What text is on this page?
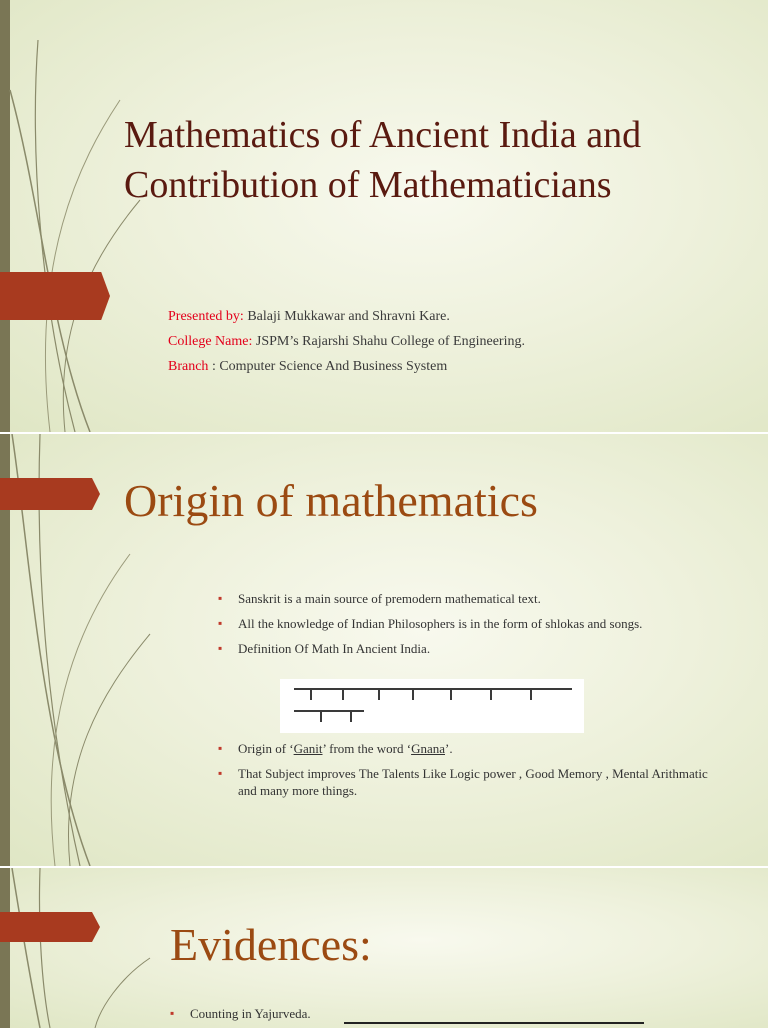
Mathematics of Ancient India and
Contribution of Mathematicians
Presented by: Balaji Mukkawar and Shravni Kare.
College Name: JSPM’s Rajarshi Shahu College of Engineering.
Branch : Computer Science And Business System
Origin of mathematics
▪ Sanskrit is a main source of premodern mathematical text.
▪ All the knowledge of Indian Philosophers is in the form of shlokas and songs.
▪ Definition Of Math In Ancient India.
▪ Origin of ‘Ganit’ from the word ‘Gnana’.
▪ That Subject improves The Talents Like Logic power , Good Memory , Mental Arithmatic and many more things.
Evidences:
▪ Counting in Yajurveda.
